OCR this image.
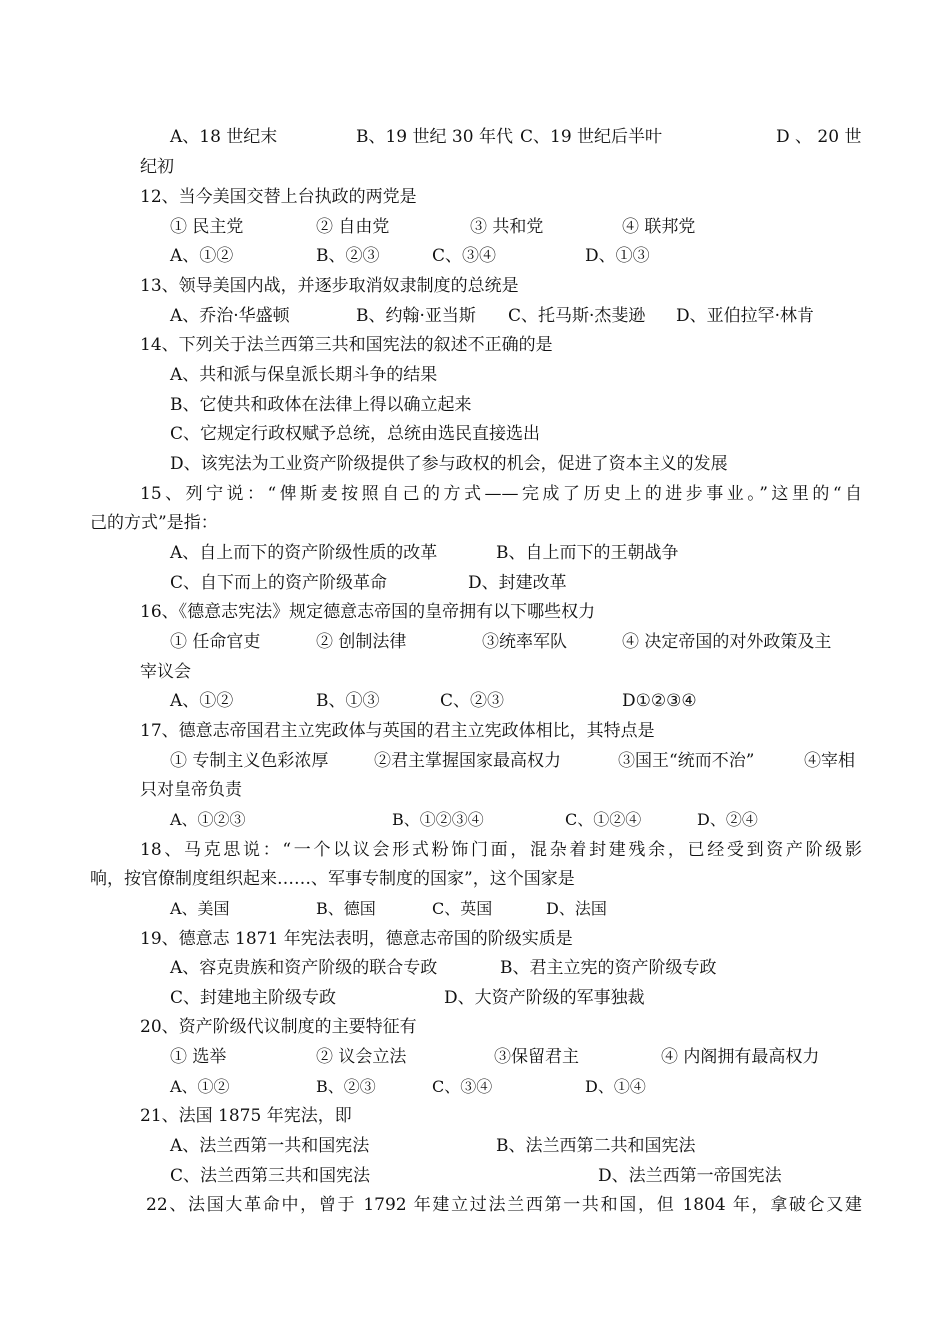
A、18 世纪末	B、19 世纪 30 年代 C、19 世纪后半叶	D 、 20 世
纪初
12、当今美国交替上台执政的两党是
① 民主党	② 自由党	③ 共和党	④ 联邦党
A、①②	B、②③	C、③④	D、①③
13、领导美国内战，并逐步取消奴隶制度的总统是
A、乔治·华盛顿	B、约翰·亚当斯 C、托马斯·杰斐逊 D、亚伯拉罕·林肯
14、下列关于法兰西第三共和国宪法的叙述不正确的是
A、共和派与保皇派长期斗争的结果
B、它使共和政体在法律上得以确立起来
C、它规定行政权赋予总统，总统由选民直接选出
D、该宪法为工业资产阶级提供了参与政权的机会，促进了资本主义的发展
15、列宁说：“俾斯麦按照自己的方式——完成了历史上的进步事业。”这里的“自
己的方式”是指：
A、自上而下的资产阶级性质的改革	B、自上而下的王朝战争
C、自下而上的资产阶级革命	D、封建改革
16、《德意志宪法》规定德意志帝国的皇帝拥有以下哪些权力
① 任命官吏	② 创制法律	③统率军队	④ 决定帝国的对外政策及主
宰议会
A、①②	B、①③	C、②③	D①②③④
17、德意志帝国君主立宪政体与英国的君主立宪政体相比，其特点是
① 专制主义色彩浓厚	②君主掌握国家最高权力	③国王“统而不治”	④宰相
只对皇帝负责
A、①②③	B、①②③④	C、①②④	D、②④
18、马克思说：“一个以议会形式粉饰门面，混杂着封建残余，已经受到资产阶级影
响，按官僚制度组织起来……、军事专制度的国家”，这个国家是
A、美国	B、德国	C、英国	D、法国
19、德意志 1871 年宪法表明，德意志帝国的阶级实质是
A、容克贵族和资产阶级的联合专政	B、君主立宪的资产阶级专政
C、封建地主阶级专政	D、大资产阶级的军事独裁
20、资产阶级代议制度的主要特征有
① 选举	② 议会立法	③保留君主	④ 内阁拥有最高权力
A、①②	B、②③	C、③④	D、①④
21、法国 1875 年宪法，即
A、法兰西第一共和国宪法	B、法兰西第二共和国宪法
C、法兰西第三共和国宪法	D、法兰西第一帝国宪法
22、法国大革命中，曾于 1792 年建立过法兰西第一共和国，但 1804 年，拿破仑又建
